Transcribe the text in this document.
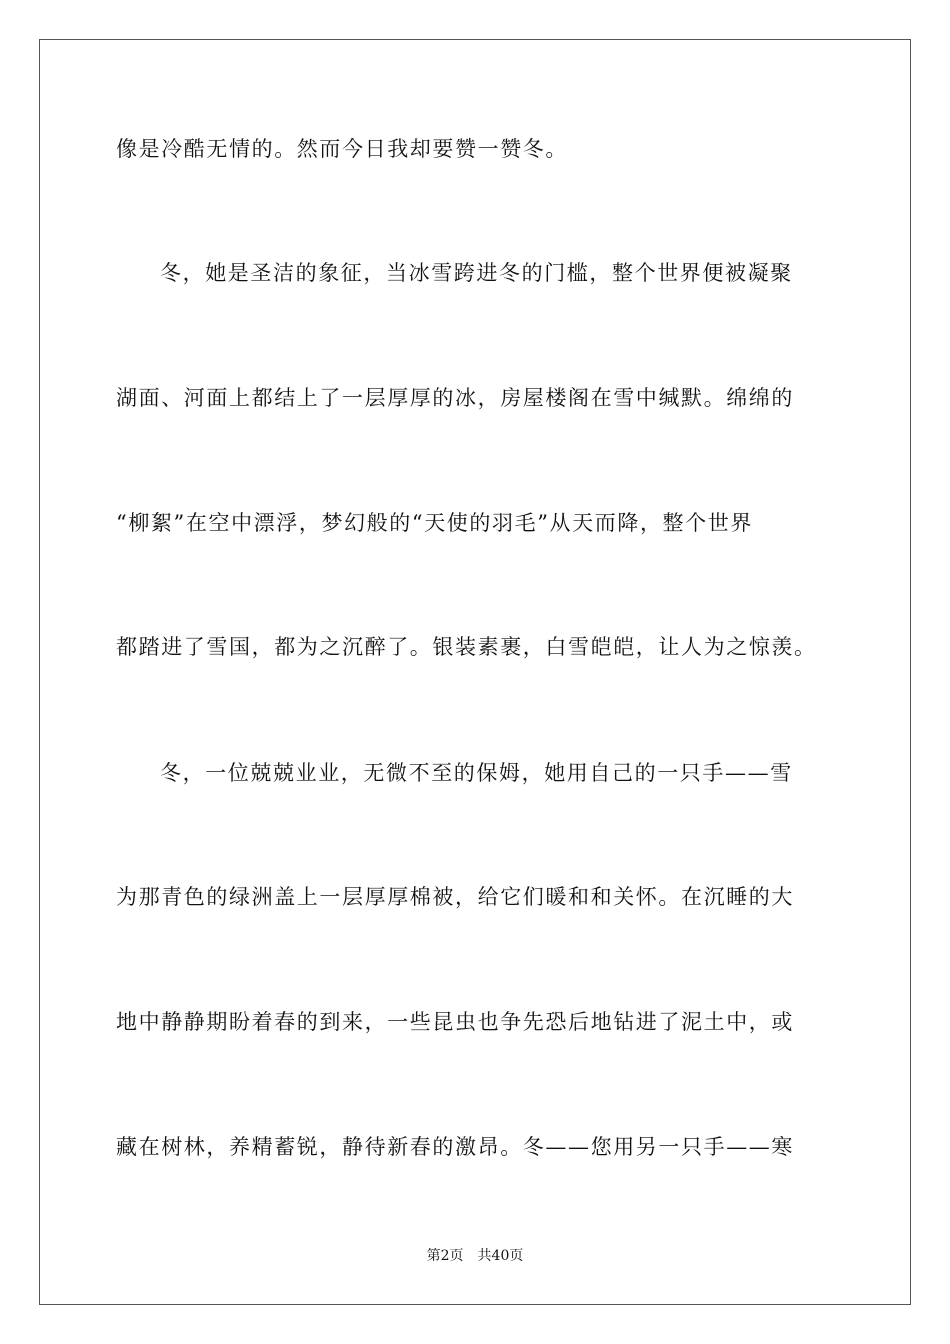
像是冷酷无情的。然而今日我却要赞一赞冬。
冬，她是圣洁的象征，当冰雪跨进冬的门槛，整个世界便被凝聚
湖面、河面上都结上了一层厚厚的冰，房屋楼阁在雪中缄默。绵绵的
“柳絮”在空中漂浮，梦幻般的“天使的羽毛”从天而降，整个世界
都踏进了雪国，都为之沉醉了。银装素裹，白雪皑皑，让人为之惊羡。
冬，一位兢兢业业，无微不至的保姆，她用自己的一只手——雪
为那青色的绿洲盖上一层厚厚棉被，给它们暖和和关怀。在沉睡的大
地中静静期盼着春的到来，一些昆虫也争先恐后地钻进了泥土中，或
藏在树林，养精蓄锐，静待新春的激昂。冬——您用另一只手——寒
第2页 共40页
